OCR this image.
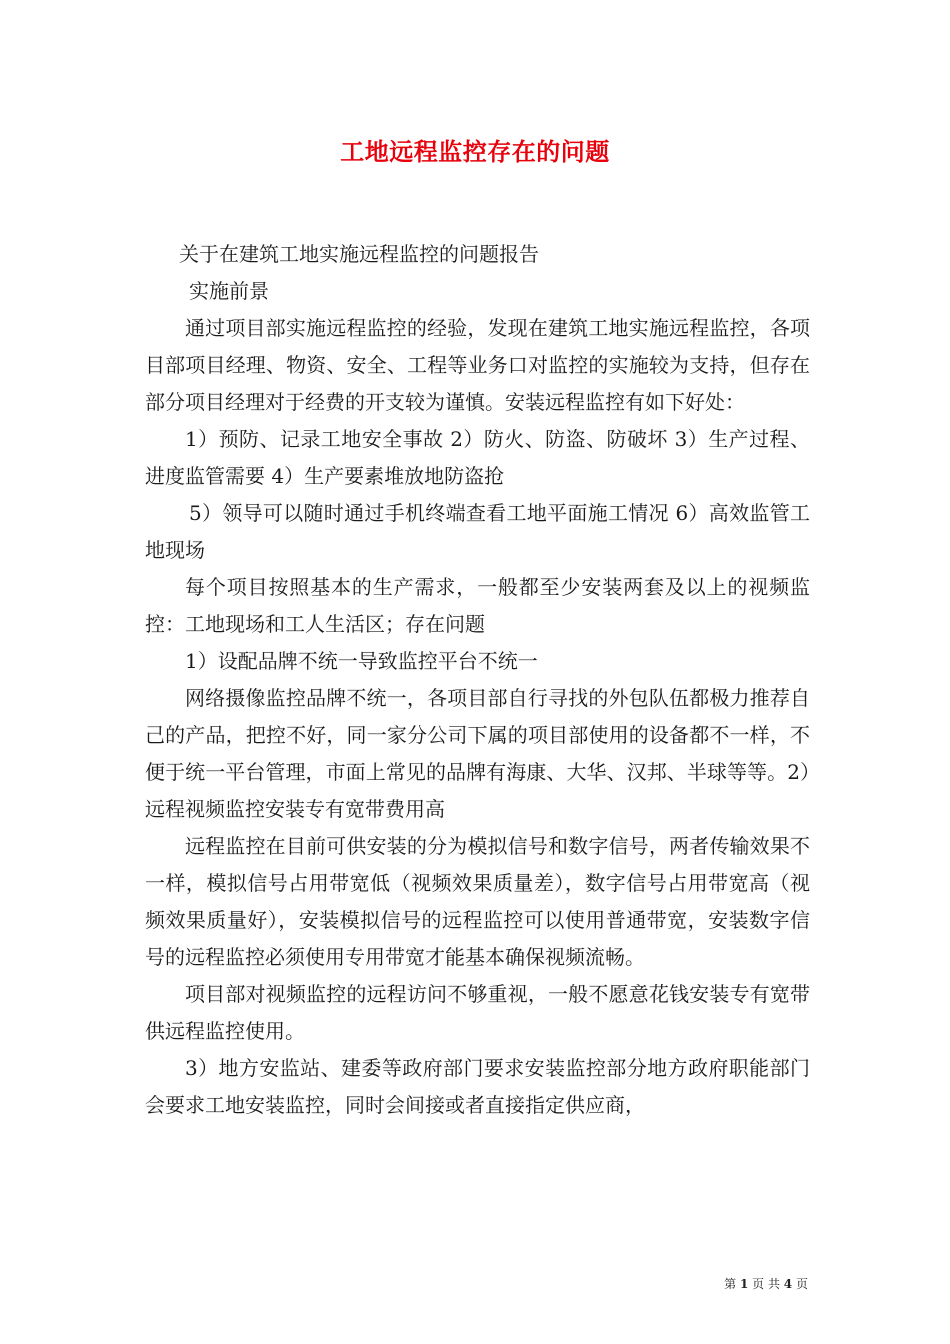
工地远程监控存在的问题

关于在建筑工地实施远程监控的问题报告

实施前景

通过项目部实施远程监控的经验，发现在建筑工地实施远程监控，各项目部项目经理、物资、安全、工程等业务口对监控的实施较为支持，但存在部分项目经理对于经费的开支较为谨慎。安装远程监控有如下好处：

1）预防、记录工地安全事故 2）防火、防盗、防破坏 3）生产过程、进度监管需要 4）生产要素堆放地防盗抢

5）领导可以随时通过手机终端查看工地平面施工情况 6）高效监管工地现场

每个项目按照基本的生产需求，一般都至少安装两套及以上的视频监控：工地现场和工人生活区；存在问题

1）设配品牌不统一导致监控平台不统一

网络摄像监控品牌不统一，各项目部自行寻找的外包队伍都极力推荐自己的产品，把控不好，同一家分公司下属的项目部使用的设备都不一样，不便于统一平台管理，市面上常见的品牌有海康、大华、汉邦、半球等等。2）远程视频监控安装专有宽带费用高

远程监控在目前可供安装的分为模拟信号和数字信号，两者传输效果不一样，模拟信号占用带宽低（视频效果质量差），数字信号占用带宽高（视频效果质量好），安装模拟信号的远程监控可以使用普通带宽，安装数字信号的远程监控必须使用专用带宽才能基本确保视频流畅。

项目部对视频监控的远程访问不够重视，一般不愿意花钱安装专有宽带供远程监控使用。

3）地方安监站、建委等政府部门要求安装监控部分地方政府职能部门会要求工地安装监控，同时会间接或者直接指定供应商，

第 1 页 共 4 页
